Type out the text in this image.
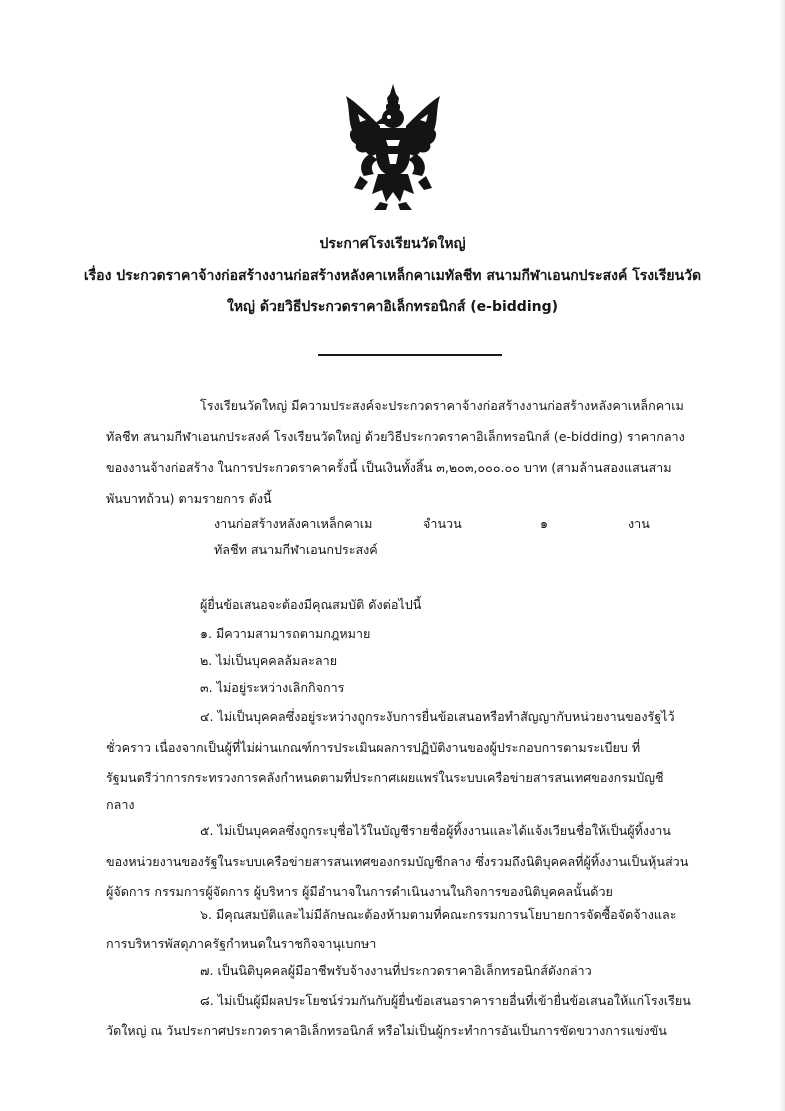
ประกาศโรงเรียนวัดใหญ่
เรื่อง ประกวดราคาจ้างก่อสร้างงานก่อสร้างหลังคาเหล็กคาเมทัลชีท สนามกีฬาเอนกประสงค์ โรงเรียนวัด
ใหญ่ ด้วยวิธีประกวดราคาอิเล็กทรอนิกส์ (e-bidding)
โรงเรียนวัดใหญ่ มีความประสงค์จะประกวดราคาจ้างก่อสร้างงานก่อสร้างหลังคาเหล็กคาเม
ทัลชีท สนามกีฬาเอนกประสงค์ โรงเรียนวัดใหญ่ ด้วยวิธีประกวดราคาอิเล็กทรอนิกส์ (e-bidding) ราคากลาง
ของงานจ้างก่อสร้าง ในการประกวดราคาครั้งนี้ เป็นเงินทั้งสิ้น ๓,๒๐๓,๐๐๐.๐๐ บาท (สามล้านสองแสนสาม
พันบาทถ้วน) ตามรายการ ดังนี้
งานก่อสร้างหลังคาเหล็กคาเม
ทัลชีท สนามกีฬาเอนกประสงค์
จำนวน	๑	งาน
ผู้ยื่นข้อเสนอจะต้องมีคุณสมบัติ ดังต่อไปนี้
๑. มีความสามารถตามกฎหมาย
๒. ไม่เป็นบุคคลล้มละลาย
๓. ไม่อยู่ระหว่างเลิกกิจการ
๔. ไม่เป็นบุคคลซึ่งอยู่ระหว่างถูกระงับการยื่นข้อเสนอหรือทำสัญญากับหน่วยงานของรัฐไว้
ชั่วคราว เนื่องจากเป็นผู้ที่ไม่ผ่านเกณฑ์การประเมินผลการปฏิบัติงานของผู้ประกอบการตามระเบียบ ที่
รัฐมนตรีว่าการกระทรวงการคลังกำหนดตามที่ประกาศเผยแพร่ในระบบเครือข่ายสารสนเทศของกรมบัญชี
กลาง
๕. ไม่เป็นบุคคลซึ่งถูกระบุชื่อไว้ในบัญชีรายชื่อผู้ทิ้งงานและได้แจ้งเวียนชื่อให้เป็นผู้ทิ้งงาน
ของหน่วยงานของรัฐในระบบเครือข่ายสารสนเทศของกรมบัญชีกลาง ซึ่งรวมถึงนิติบุคคลที่ผู้ทิ้งงานเป็นหุ้นส่วน
ผู้จัดการ กรรมการผู้จัดการ ผู้บริหาร ผู้มีอำนาจในการดำเนินงานในกิจการของนิติบุคคลนั้นด้วย
๖. มีคุณสมบัติและไม่มีลักษณะต้องห้ามตามที่คณะกรรมการนโยบายการจัดซื้อจัดจ้างและ
การบริหารพัสดุภาครัฐกำหนดในราชกิจจานุเบกษา
๗. เป็นนิติบุคคลผู้มีอาชีพรับจ้างงานที่ประกวดราคาอิเล็กทรอนิกส์ดังกล่าว
๘. ไม่เป็นผู้มีผลประโยชน์ร่วมกันกับผู้ยื่นข้อเสนอราคารายอื่นที่เข้ายื่นข้อเสนอให้แก่โรงเรียน
วัดใหญ่ ณ วันประกาศประกวดราคาอิเล็กทรอนิกส์ หรือไม่เป็นผู้กระทำการอันเป็นการขัดขวางการแข่งขัน
